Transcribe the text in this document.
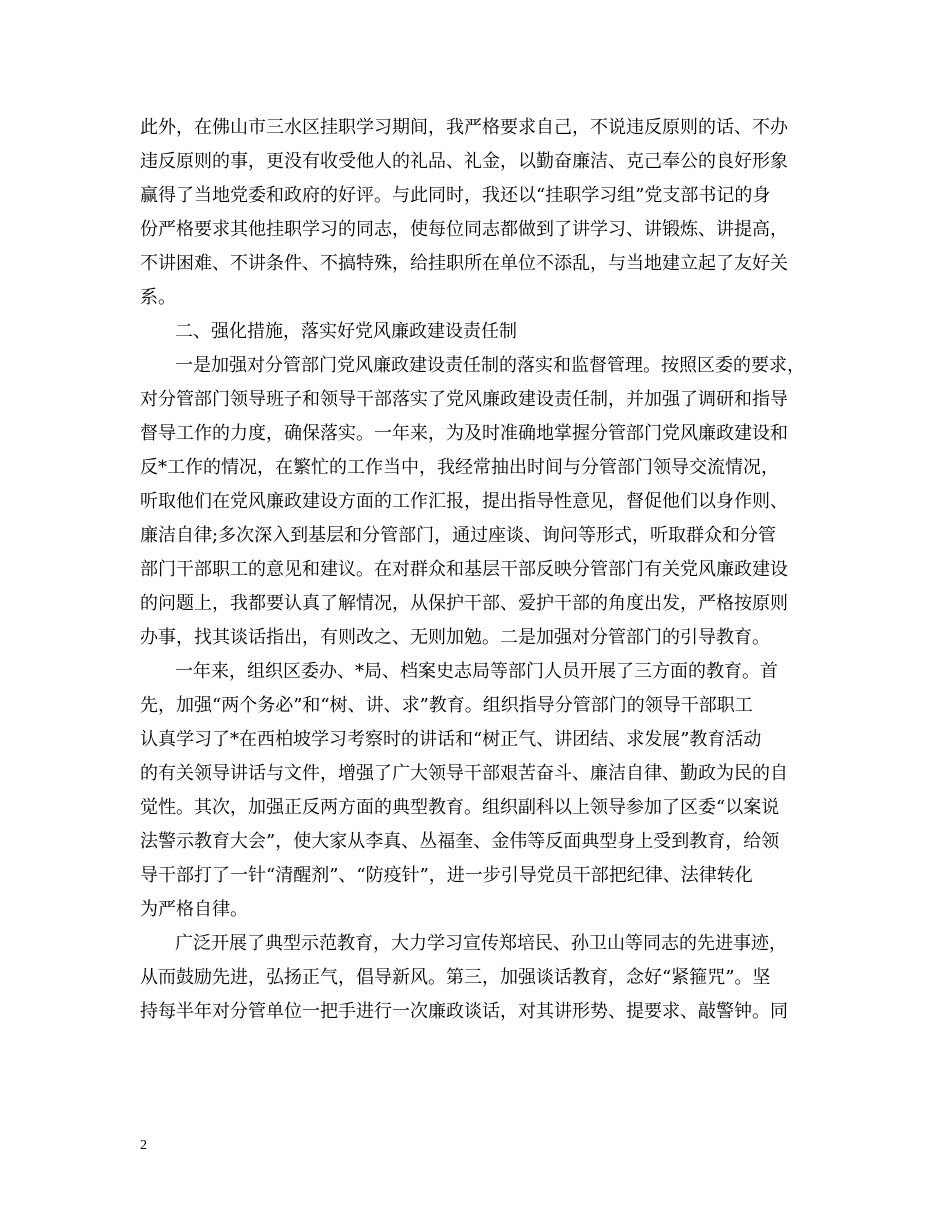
此外，在佛山市三水区挂职学习期间，我严格要求自己，不说违反原则的话、不办
违反原则的事，更没有收受他人的礼品、礼金，以勤奋廉洁、克己奉公的良好形象
赢得了当地党委和政府的好评。与此同时，我还以“挂职学习组”党支部书记的身
份严格要求其他挂职学习的同志，使每位同志都做到了讲学习、讲锻炼、讲提高，
不讲困难、不讲条件、不搞特殊，给挂职所在单位不添乱，与当地建立起了友好关
系。
二、强化措施，落实好党风廉政建设责任制
一是加强对分管部门党风廉政建设责任制的落实和监督管理。按照区委的要求，
对分管部门领导班子和领导干部落实了党风廉政建设责任制，并加强了调研和指导
督导工作的力度，确保落实。一年来，为及时准确地掌握分管部门党风廉政建设和
反*工作的情况，在繁忙的工作当中，我经常抽出时间与分管部门领导交流情况，
听取他们在党风廉政建设方面的工作汇报，提出指导性意见，督促他们以身作则、
廉洁自律;多次深入到基层和分管部门，通过座谈、询问等形式，听取群众和分管
部门干部职工的意见和建议。在对群众和基层干部反映分管部门有关党风廉政建设
的问题上，我都要认真了解情况，从保护干部、爱护干部的角度出发，严格按原则
办事，找其谈话指出，有则改之、无则加勉。二是加强对分管部门的引导教育。
一年来，组织区委办、*局、档案史志局等部门人员开展了三方面的教育。首
先，加强“两个务必”和“树、讲、求”教育。组织指导分管部门的领导干部职工
认真学习了*在西柏坡学习考察时的讲话和“树正气、讲团结、求发展”教育活动
的有关领导讲话与文件，增强了广大领导干部艰苦奋斗、廉洁自律、勤政为民的自
觉性。其次，加强正反两方面的典型教育。组织副科以上领导参加了区委“以案说
法警示教育大会”，使大家从李真、丛福奎、金伟等反面典型身上受到教育，给领
导干部打了一针“清醒剂”、“防疫针”，进一步引导党员干部把纪律、法律转化
为严格自律。
广泛开展了典型示范教育，大力学习宣传郑培民、孙卫山等同志的先进事迹，
从而鼓励先进，弘扬正气，倡导新风。第三，加强谈话教育，念好“紧箍咒”。坚
持每半年对分管单位一把手进行一次廉政谈话，对其讲形势、提要求、敲警钟。同
2
